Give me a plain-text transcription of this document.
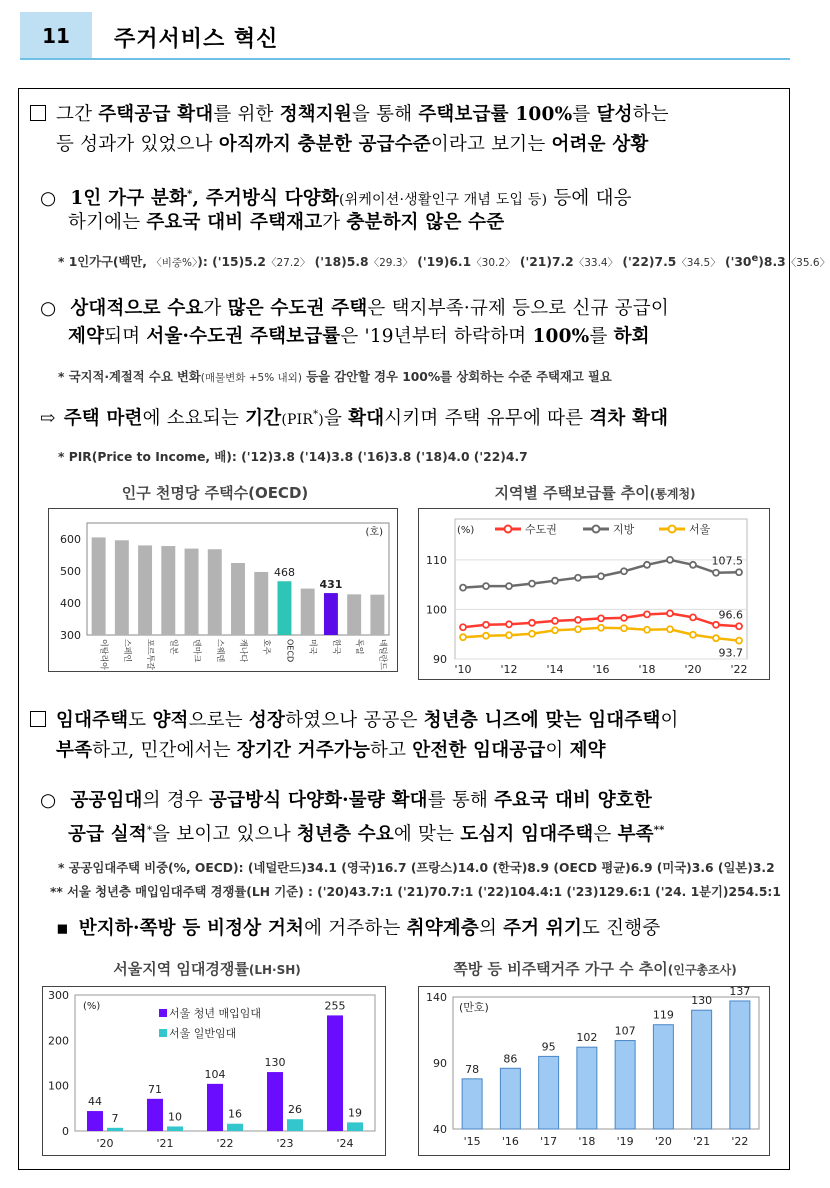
11	주거서비스 혁신
그간 주택공급 확대를 위한 정책지원을 통해 주택보급률 100%를 달성하는
등 성과가 있었으나 아직까지 충분한 공급수준이라고 보기는 어려운 상황
○ 1인 가구 분화*, 주거방식 다양화(위케이션·생활인구 개념 도입 등) 등에 대응
하기에는 주요국 대비 주택재고가 충분하지 않은 수준
* 1인가구(백만, 〈비중%〉): ('15)5.2〈27.2〉 ('18)5.8〈29.3〉 ('19)6.1〈30.2〉 ('21)7.2〈33.4〉 ('22)7.5〈34.5〉 ('30e)8.3〈35.6〉
○ 상대적으로 수요가 많은 수도권 주택은 택지부족·규제 등으로 신규 공급이
제약되며 서울·수도권 주택보급률은 '19년부터 하락하며 100%를 하회
* 국지적·계절적 수요 변화(매물변화 +5% 내외) 등을 감안할 경우 100%를 상회하는 수준 주택재고 필요
⇨ 주택 마련에 소요되는 기간(PIR*)을 확대시키며 주택 유무에 따른 격차 확대
* PIR(Price to Income, 배): ('12)3.8 ('14)3.8 ('16)3.8 ('18)4.0 ('22)4.7
인구 천명당 주택수(OECD)
600
500
400
300
(호)
이탈리아 스페인 포르투갈 일본 덴마크 스웨덴 캐나다 호주
468
OECD 미국
431
한국 독일 네덜란드
지역별 주택보급률 추이(통계청)
110
100
90
(%)
'10	'12	'14	'16	'18	'20	'22
수도권	지방	서울
96.6
107.5
93.7
임대주택도 양적으로는 성장하였으나 공공은 청년층 니즈에 맞는 임대주택이
부족하고, 민간에서는 장기간 거주가능하고 안전한 임대공급이 제약
○ 공공임대의 경우 공급방식 다양화·물량 확대를 통해 주요국 대비 양호한
공급 실적*을 보이고 있으나 청년층 수요에 맞는 도심지 임대주택은 부족**
* 공공임대주택 비중(%, OECD): (네덜란드)34.1 (영국)16.7 (프랑스)14.0 (한국)8.9 (OECD 평균)6.9 (미국)3.6 (일본)3.2
** 서울 청년층 매입임대주택 경쟁률(LH 기준) : ('20)43.7:1 ('21)70.7:1 ('22)104.4:1 ('23)129.6:1 ('24. 1분기)254.5:1
▪ 반지하·쪽방 등 비정상 거처에 거주하는 취약계층의 주거 위기도 진행중
서울지역 임대경쟁률(LH·SH)
300
200
100
0
(%)
서울 청년 매입임대
서울 일반임대
44
7
'20
71
10
'21
104
16
'22
130
26
'23
255
19
'24
쪽방 등 비주택거주 가구 수 추이(인구총조사)
140
90
40
(만호)
78
'15
86
'16
95
'17
102
'18
107
'19
119
'20
130
'21
137
'22
